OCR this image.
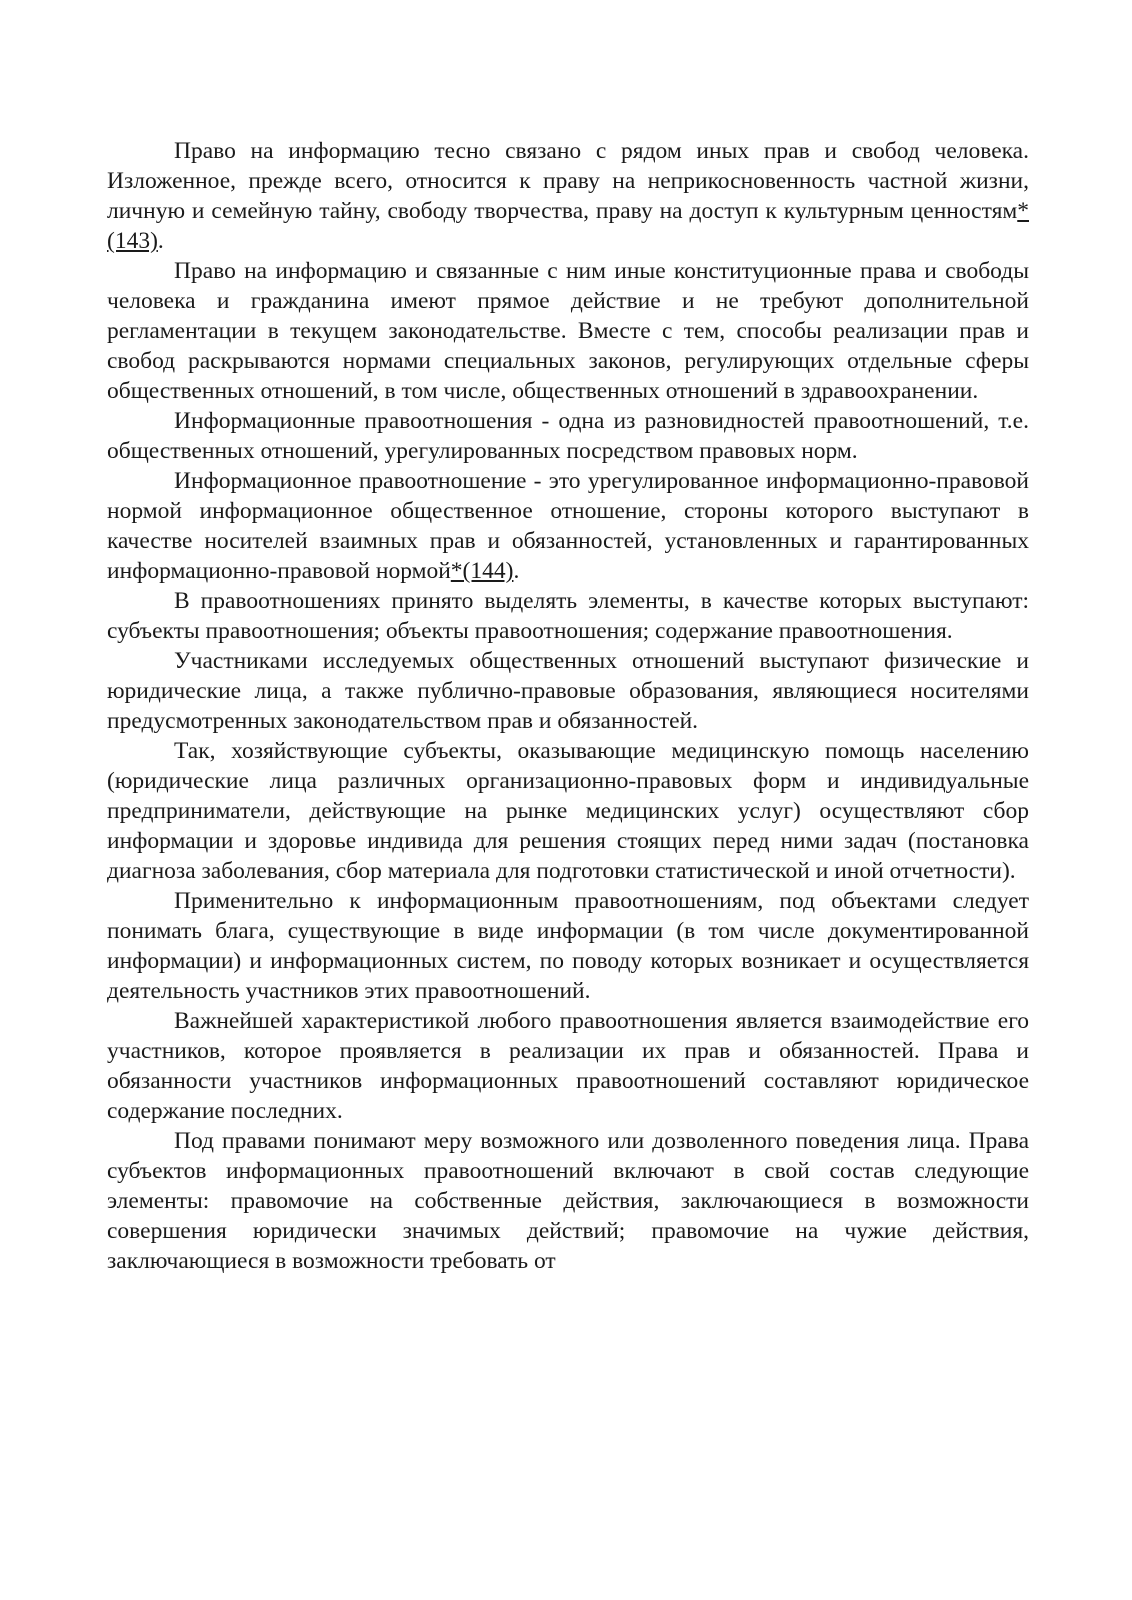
Право на информацию тесно связано с рядом иных прав и свобод человека. Изложенное, прежде всего, относится к праву на неприкосновенность частной жизни, личную и семейную тайну, свободу творчества, праву на доступ к культурным ценностям*(143).

Право на информацию и связанные с ним иные конституционные права и свободы человека и гражданина имеют прямое действие и не требуют дополнительной регламентации в текущем законодательстве. Вместе с тем, способы реализации прав и свобод раскрываются нормами специальных законов, регулирующих отдельные сферы общественных отношений, в том числе, общественных отношений в здравоохранении.

Информационные правоотношения - одна из разновидностей правоотношений, т.е. общественных отношений, урегулированных посредством правовых норм.

Информационное правоотношение - это урегулированное информационно-правовой нормой информационное общественное отношение, стороны которого выступают в качестве носителей взаимных прав и обязанностей, установленных и гарантированных информационно-правовой нормой*(144).

В правоотношениях принято выделять элементы, в качестве которых выступают: субъекты правоотношения; объекты правоотношения; содержание правоотношения.

Участниками исследуемых общественных отношений выступают физические и юридические лица, а также публично-правовые образования, являющиеся носителями предусмотренных законодательством прав и обязанностей.

Так, хозяйствующие субъекты, оказывающие медицинскую помощь населению (юридические лица различных организационно-правовых форм и индивидуальные предприниматели, действующие на рынке медицинских услуг) осуществляют сбор информации и здоровье индивида для решения стоящих перед ними задач (постановка диагноза заболевания, сбор материала для подготовки статистической и иной отчетности).

Применительно к информационным правоотношениям, под объектами следует понимать блага, существующие в виде информации (в том числе документированной информации) и информационных систем, по поводу которых возникает и осуществляется деятельность участников этих правоотношений.

Важнейшей характеристикой любого правоотношения является взаимодействие его участников, которое проявляется в реализации их прав и обязанностей. Права и обязанности участников информационных правоотношений составляют юридическое содержание последних.

Под правами понимают меру возможного или дозволенного поведения лица. Права субъектов информационных правоотношений включают в свой состав следующие элементы: правомочие на собственные действия, заключающиеся в возможности совершения юридически значимых действий; правомочие на чужие действия, заключающиеся в возможности требовать от
